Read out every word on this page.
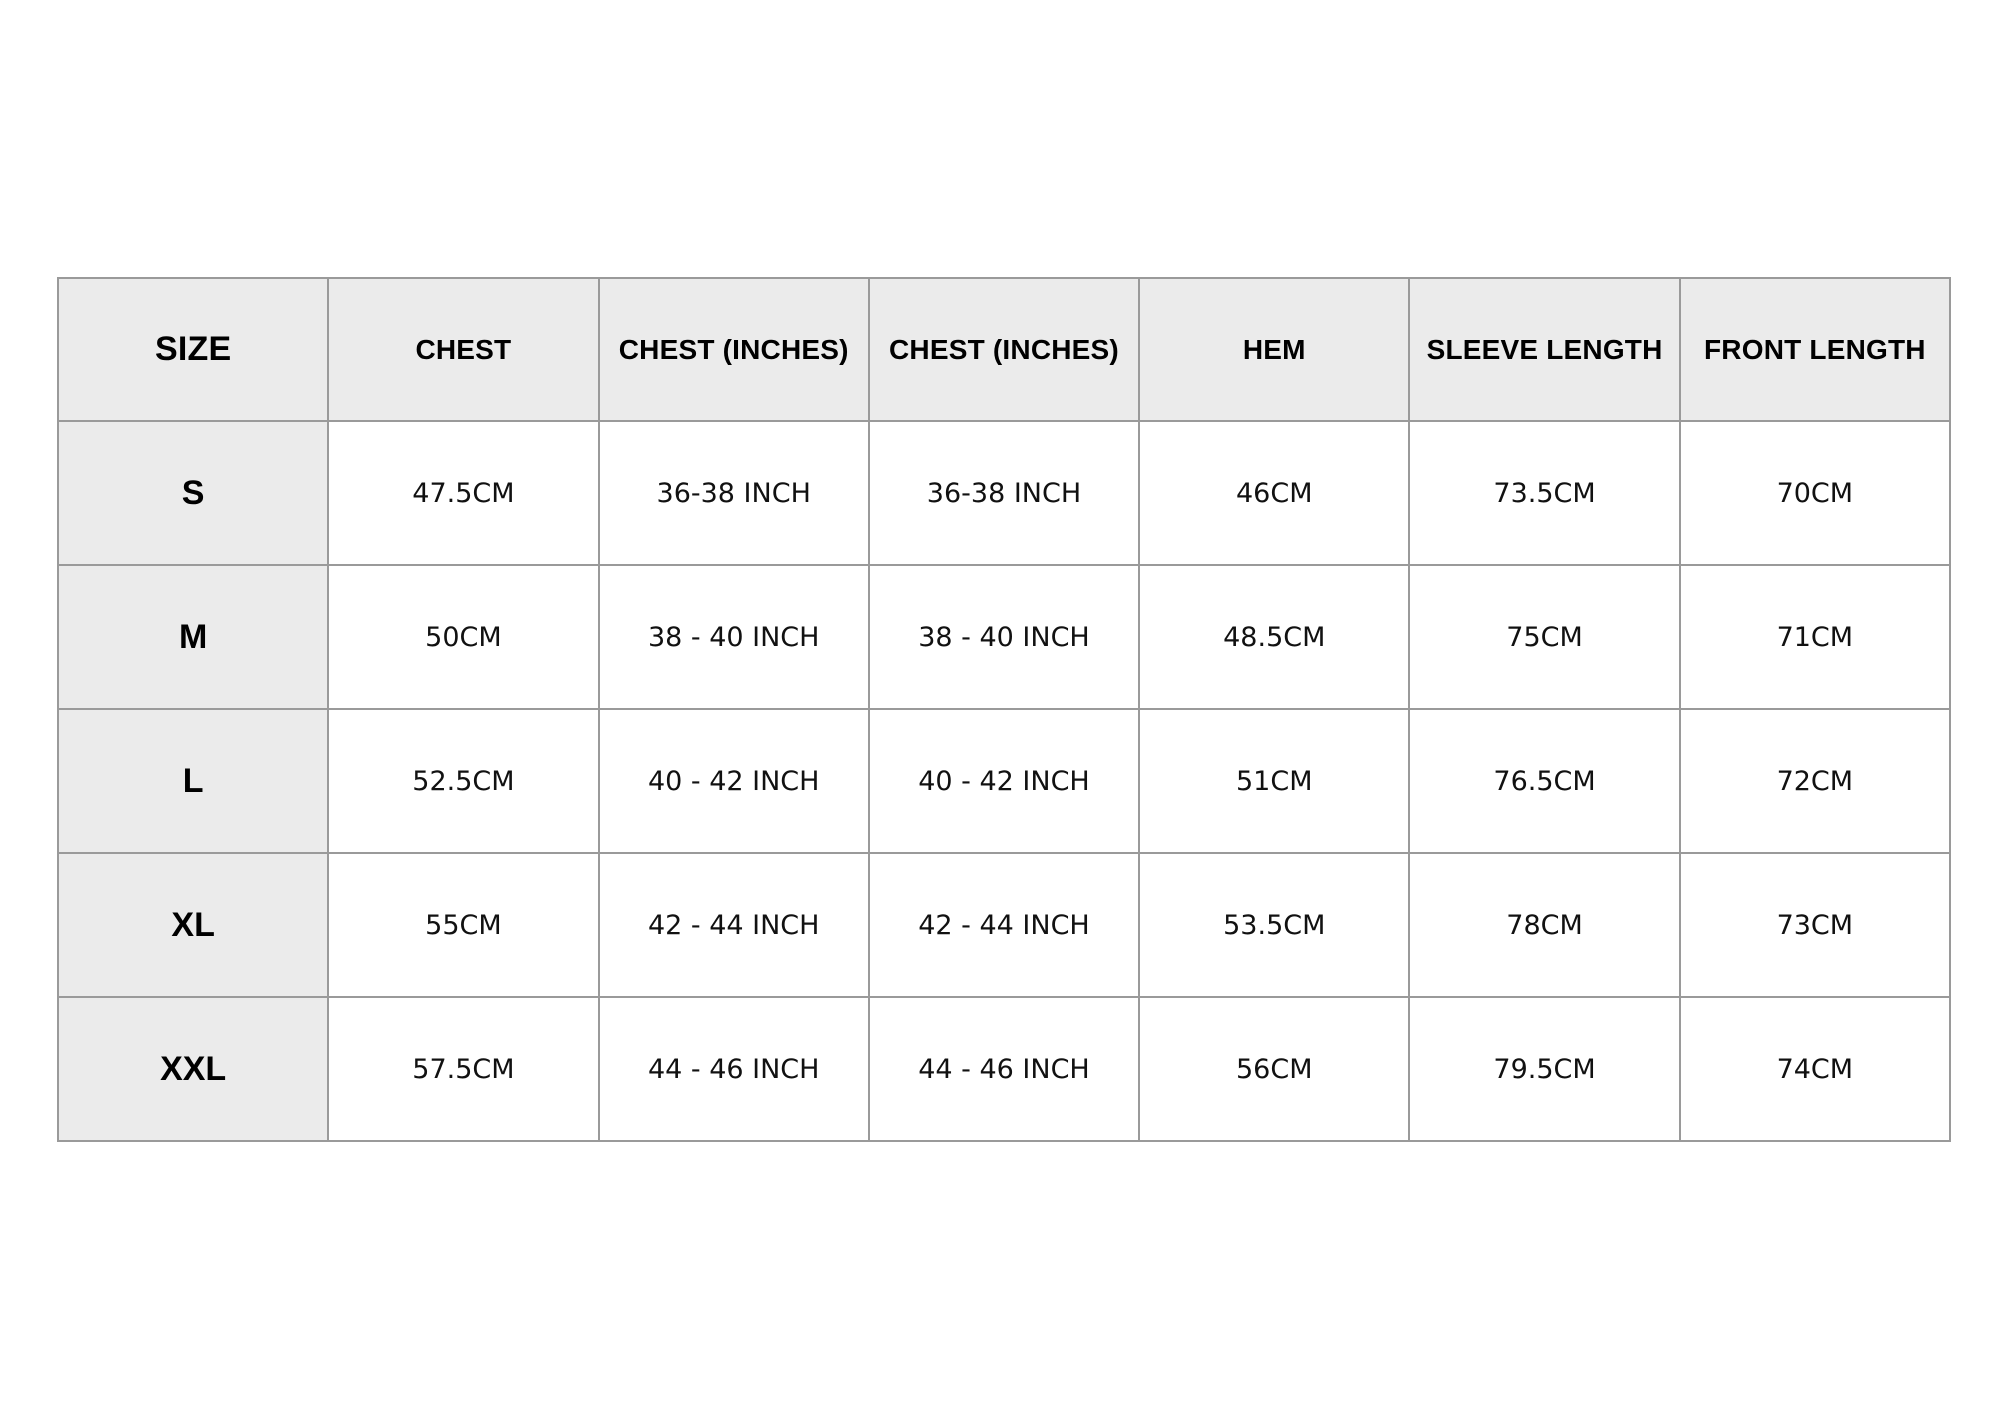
SIZE	CHEST	CHEST (INCHES)	CHEST (INCHES)	HEM	SLEEVE LENGTH	FRONT LENGTH
S	47.5CM	36-38 INCH	36-38 INCH	46CM	73.5CM	70CM
M	50CM	38 - 40 INCH	38 - 40 INCH	48.5CM	75CM	71CM
L	52.5CM	40 - 42 INCH	40 - 42 INCH	51CM	76.5CM	72CM
XL	55CM	42 - 44 INCH	42 - 44 INCH	53.5CM	78CM	73CM
XXL	57.5CM	44 - 46 INCH	44 - 46 INCH	56CM	79.5CM	74CM
